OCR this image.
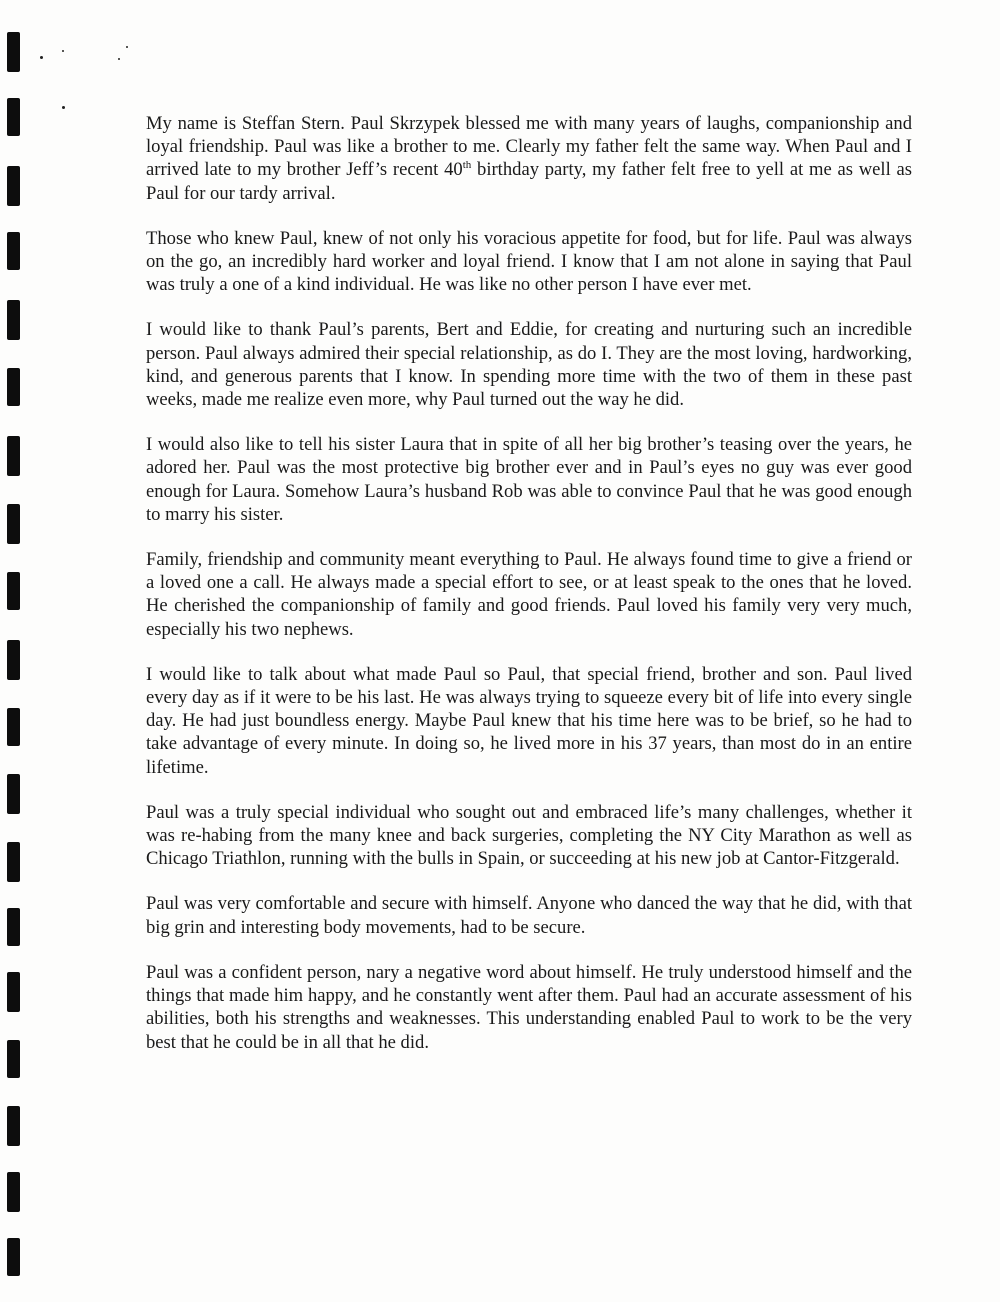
My name is Steffan Stern. Paul Skrzypek blessed me with many years of laughs, companionship and loyal friendship. Paul was like a brother to me. Clearly my father felt the same way. When Paul and I arrived late to my brother Jeff’s recent 40th birthday party, my father felt free to yell at me as well as Paul for our tardy arrival.

Those who knew Paul, knew of not only his voracious appetite for food, but for life. Paul was always on the go, an incredibly hard worker and loyal friend. I know that I am not alone in saying that Paul was truly a one of a kind individual. He was like no other person I have ever met.

I would like to thank Paul’s parents, Bert and Eddie, for creating and nurturing such an incredible person. Paul always admired their special relationship, as do I. They are the most loving, hardworking, kind, and generous parents that I know. In spending more time with the two of them in these past weeks, made me realize even more, why Paul turned out the way he did.

I would also like to tell his sister Laura that in spite of all her big brother’s teasing over the years, he adored her. Paul was the most protective big brother ever and in Paul’s eyes no guy was ever good enough for Laura. Somehow Laura’s husband Rob was able to convince Paul that he was good enough to marry his sister.

Family, friendship and community meant everything to Paul. He always found time to give a friend or a loved one a call. He always made a special effort to see, or at least speak to the ones that he loved. He cherished the companionship of family and good friends. Paul loved his family very very much, especially his two nephews.

I would like to talk about what made Paul so Paul, that special friend, brother and son. Paul lived every day as if it were to be his last. He was always trying to squeeze every bit of life into every single day. He had just boundless energy. Maybe Paul knew that his time here was to be brief, so he had to take advantage of every minute. In doing so, he lived more in his 37 years, than most do in an entire lifetime.

Paul was a truly special individual who sought out and embraced life’s many challenges, whether it was re-habing from the many knee and back surgeries, completing the NY City Marathon as well as Chicago Triathlon, running with the bulls in Spain, or succeeding at his new job at Cantor-Fitzgerald.

Paul was very comfortable and secure with himself. Anyone who danced the way that he did, with that big grin and interesting body movements, had to be secure.

Paul was a confident person, nary a negative word about himself. He truly understood himself and the things that made him happy, and he constantly went after them. Paul had an accurate assessment of his abilities, both his strengths and weaknesses. This understanding enabled Paul to work to be the very best that he could be in all that he did.
